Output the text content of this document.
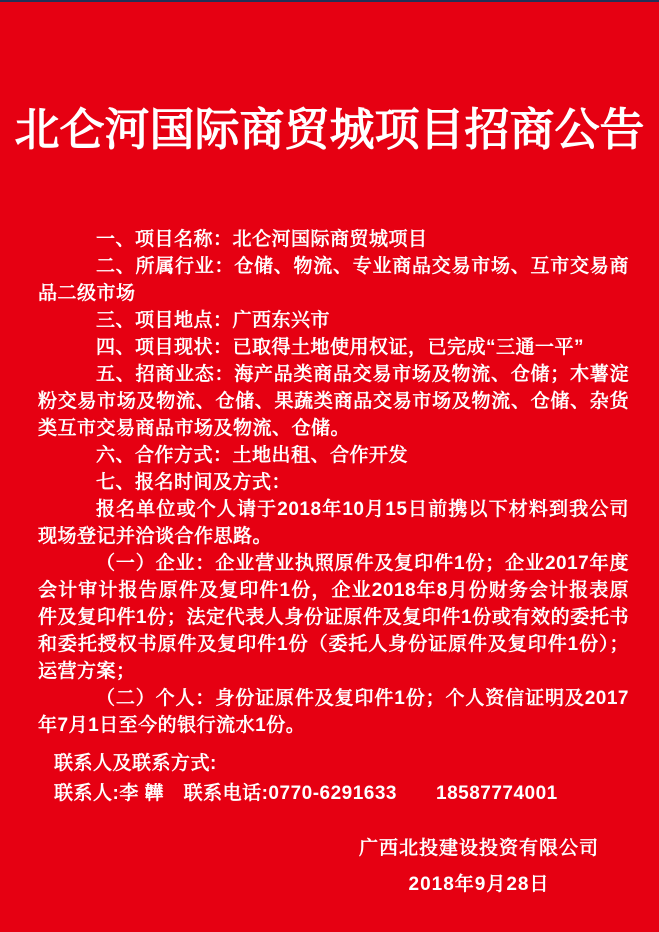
北仑河国际商贸城项目招商公告

一、项目名称：北仑河国际商贸城项目

二、所属行业：仓储、物流、专业商品交易市场、互市交易商品二级市场

三、项目地点：广西东兴市

四、项目现状：已取得土地使用权证，已完成“三通一平”

五、招商业态：海产品类商品交易市场及物流、仓储；木薯淀粉交易市场及物流、仓储、果蔬类商品交易市场及物流、仓储、杂货类互市交易商品市场及物流、仓储。

六、合作方式：土地出租、合作开发

七、报名时间及方式：

报名单位或个人请于2018年10月15日前携以下材料到我公司现场登记并洽谈合作思路。

（一）企业：企业营业执照原件及复印件1份；企业2017年度会计审计报告原件及复印件1份，企业2018年8月份财务会计报表原件及复印件1份；法定代表人身份证原件及复印件1份或有效的委托书和委托授权书原件及复印件1份（委托人身份证原件及复印件1份）；运营方案；

（二）个人：身份证原件及复印件1份；个人资信证明及2017年7月1日至今的银行流水1份。

联系人及联系方式:

联系人:李 韡　联系电话:0770-6291633　　18587774001

广西北投建设投资有限公司

2018年9月28日
